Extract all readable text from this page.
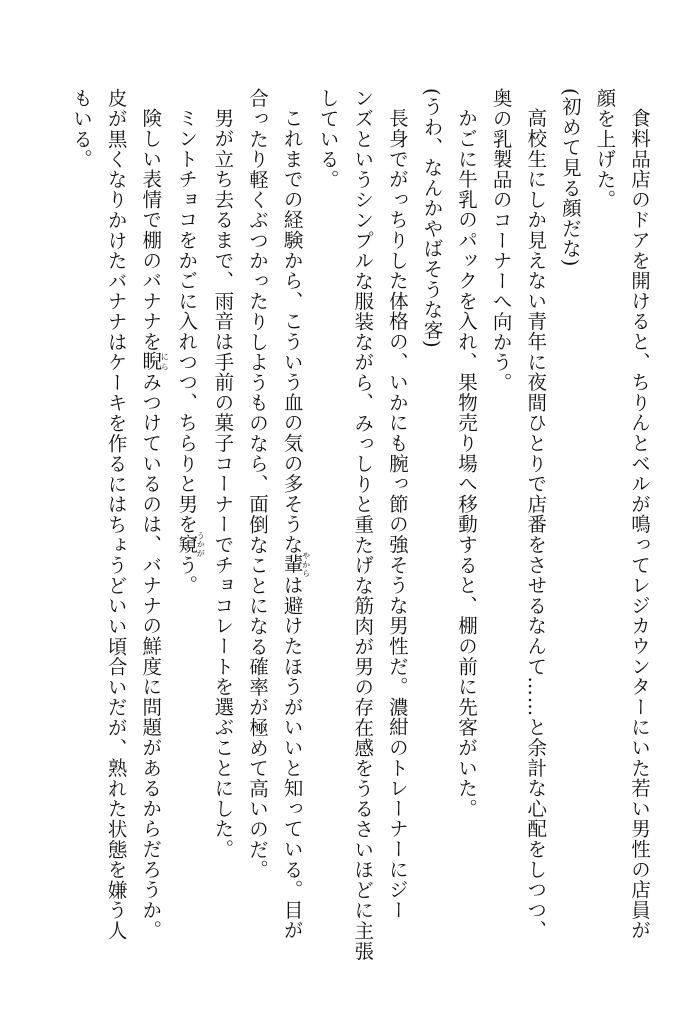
食料品店のドアを開けると、ちりんとベルが鳴ってレジカウンターにいた若い男性の店員が
顔を上げた。
(初めて見る顔だな)
高校生にしか見えない青年に夜間ひとりで店番をさせるなんて……と余計な心配をしつつ、
奥の乳製品のコーナーへ向かう。
かごに牛乳のパックを入れ、果物売り場へ移動すると、棚の前に先客がいた。
(うわ、なんかやばそうな客)
長身でがっちりした体格の、いかにも腕っ節の強そうな男性だ。濃紺のトレーナーにジー
ンズというシンプルな服装ながら、みっしりと重たげな筋肉が男の存在感をうるさいほどに主張
している。
これまでの経験から、こういう血の気の多そうな輩やからは避けたほうがいいと知っている。目が
合ったり軽くぶつかったりしようものなら、面倒なことになる確率が極めて高いのだ。
男が立ち去るまで、雨音は手前の菓子コーナーでチョコレートを選ぶことにした。
ミントチョコをかごに入れつつ、ちらりと男を窺うかがう。
険しい表情で棚のバナナを睨にらみつけているのは、バナナの鮮度に問題があるからだろうか。
皮が黒くなりかけたバナナはケーキを作るにはちょうどいい頃合いだが、熟れた状態を嫌う人
もいる。
